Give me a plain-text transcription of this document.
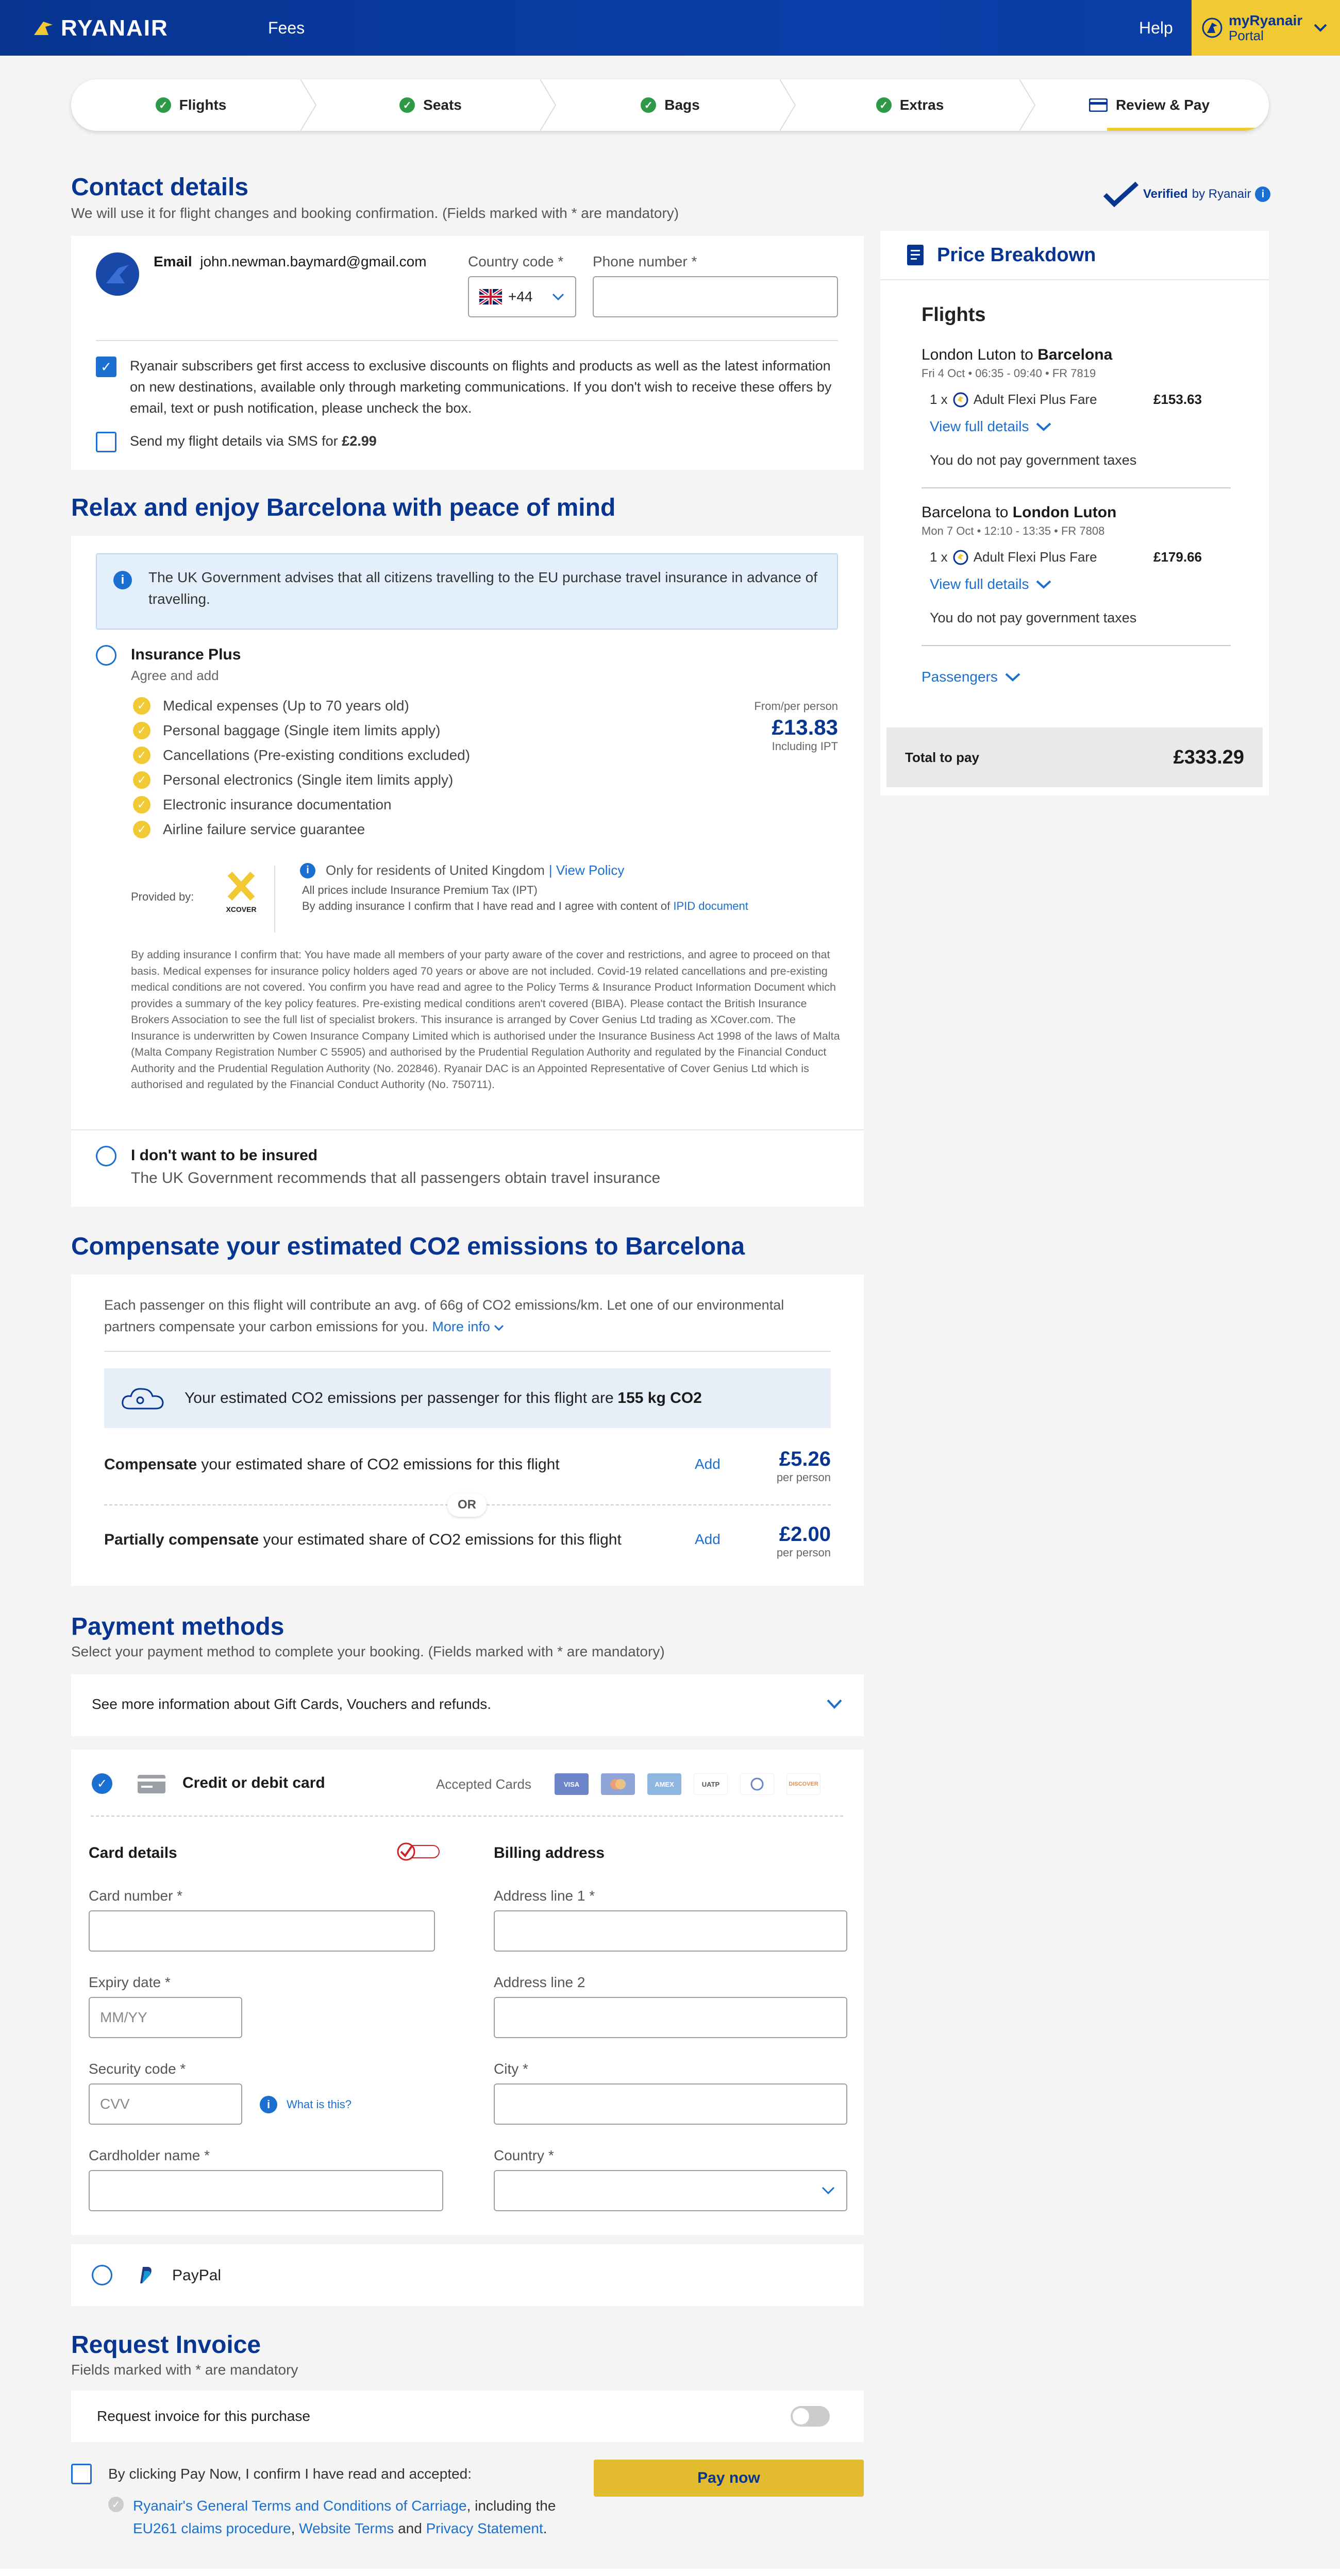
RYANAIR	Fees	Help	myRyanair
Portal
✓ Flights	✓ Seats	✓ Bags	✓ Extras	Review & Pay
Contact details
We will use it for flight changes and booking confirmation. (Fields marked with * are mandatory)
Verified by Ryanair	i
Email john.newman.baymard@gmail.com	Country code *
+44
Phone number *
✓	Ryanair subscribers get first access to exclusive discounts on flights and products as well as the latest information on new destinations, available only through marketing communications. If you don't wish to receive these offers by email, text or push notification, please uncheck the box.
Send my flight details via SMS for £2.99
Relax and enjoy Barcelona with peace of mind
i	The UK Government advises that all citizens travelling to the EU purchase travel insurance in advance of travelling.
Insurance Plus
Agree and add
✓ Medical expenses (Up to 70 years old)
✓ Personal baggage (Single item limits apply)
✓ Cancellations (Pre-existing conditions excluded)
✓ Personal electronics (Single item limits apply)
✓ Electronic insurance documentation
✓ Airline failure service guarantee
From/per person
£13.83
Including IPT
Provided by:
XCOVER
i	Only for residents of United Kingdom | View Policy
All prices include Insurance Premium Tax (IPT)
By adding insurance I confirm that I have read and I agree with content of IPID document
By adding insurance I confirm that: You have made all members of your party aware of the cover and restrictions, and agree to proceed on that basis. Medical expenses for insurance policy holders aged 70 years or above are not included. Covid-19 related cancellations and pre-existing medical conditions are not covered. You confirm you have read and agree to the Policy Terms & Insurance Product Information Document which provides a summary of the key policy features. Pre-existing medical conditions aren't covered (BIBA). Please contact the British Insurance Brokers Association to see the full list of specialist brokers. This insurance is arranged by Cover Genius Ltd trading as XCover.com. The Insurance is underwritten by Cowen Insurance Company Limited which is authorised under the Insurance Business Act 1998 of the laws of Malta (Malta Company Registration Number C 55905) and authorised by the Prudential Regulation Authority and regulated by the Financial Conduct Authority and the Prudential Regulation Authority (No. 202846). Ryanair DAC is an Appointed Representative of Cover Genius Ltd which is authorised and regulated by the Financial Conduct Authority (No. 750711).
I don't want to be insured
The UK Government recommends that all passengers obtain travel insurance
Compensate your estimated CO2 emissions to Barcelona
Each passenger on this flight will contribute an avg. of 66g of CO2 emissions/km. Let one of our environmental partners compensate your carbon emissions for you. More info
Your estimated CO2 emissions per passenger for this flight are
155 kg CO2
Compensate your estimated share of CO2 emissions for this flight	Add	£5.26
per person
OR
Partially compensate your estimated share of CO2 emissions for this flight	Add	£2.00
per person
Payment methods
Select your payment method to complete your booking. (Fields marked with * are mandatory)
See more information about Gift Cards, Vouchers and refunds.
✓	Credit or debit card	Accepted Cards	VISA	AMEX	UATP	DISCOVER
Card details	Billing address
Card number *
Expiry date *
MM/YY
Security code *
CVV	i	What is this?
Cardholder name *
Address line 1 *
Address line 2
City *
Country *
PayPal
Request Invoice
Fields marked with * are mandatory
Request invoice for this purchase
By clicking Pay Now, I confirm I have read and accepted:
✓ Ryanair's General Terms and Conditions of Carriage, including the EU261 claims procedure, Website Terms and Privacy Statement.
Pay now
Price Breakdown
Flights
London Luton to Barcelona
Fri 4 Oct • 06:35 - 09:40 • FR 7819
1 x Adult Flexi Plus Fare	£153.63
View full details
You do not pay government taxes
Barcelona to London Luton
Mon 7 Oct • 12:10 - 13:35 • FR 7808
1 x Adult Flexi Plus Fare	£179.66
View full details
You do not pay government taxes
Passengers
Total to pay	£333.29
